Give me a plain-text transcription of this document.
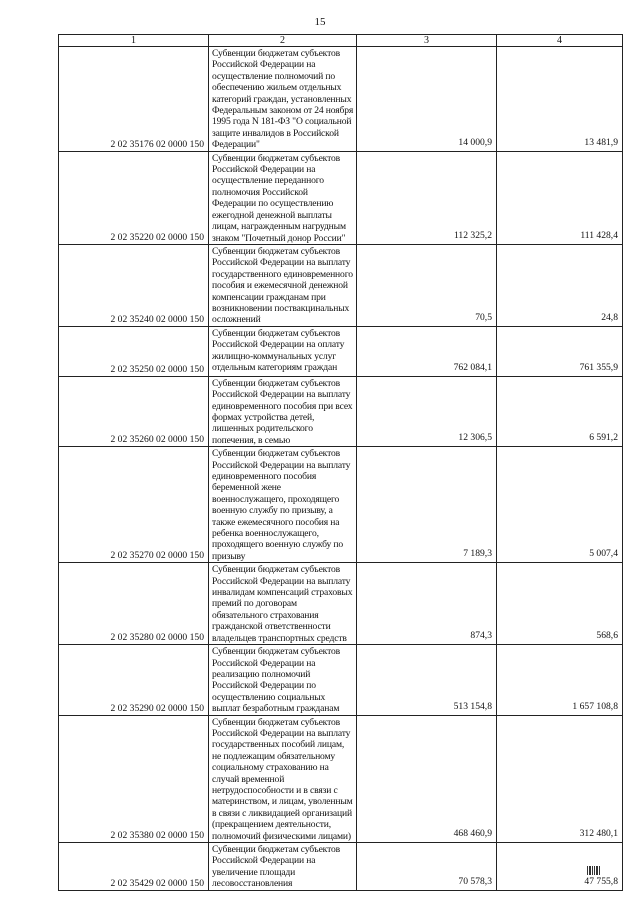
15
1	2	3	4
2 02 35176 02 0000 150	Субвенции бюджетам субъектов Российской Федерации на осуществление полномочий по обеспечению жильем отдельных категорий граждан, установленных Федеральным законом от 24 ноября 1995 года N 181-ФЗ "О социальной защите инвалидов в Российской Федерации"	14 000,9	13 481,9
2 02 35220 02 0000 150	Субвенции бюджетам субъектов Российской Федерации на осуществление переданного полномочия Российской Федерации по осуществлению ежегодной денежной выплаты лицам, награжденным нагрудным знаком "Почетный донор России"	112 325,2	111 428,4
2 02 35240 02 0000 150	Субвенции бюджетам субъектов Российской Федерации на выплату государственного единовременного пособия и ежемесячной денежной компенсации гражданам при возникновении поствакцинальных осложнений	70,5	24,8
2 02 35250 02 0000 150	Субвенции бюджетам субъектов Российской Федерации на оплату жилищно-коммунальных услуг отдельным категориям граждан	762 084,1	761 355,9
2 02 35260 02 0000 150	Субвенции бюджетам субъектов Российской Федерации на выплату единовременного пособия при всех формах устройства детей, лишенных родительского попечения, в семью	12 306,5	6 591,2
2 02 35270 02 0000 150	Субвенции бюджетам субъектов Российской Федерации на выплату единовременного пособия беременной жене военнослужащего, проходящего военную службу по призыву, а также ежемесячного пособия на ребенка военнослужащего, проходящего военную службу по призыву	7 189,3	5 007,4
2 02 35280 02 0000 150	Субвенции бюджетам субъектов Российской Федерации на выплату инвалидам компенсаций страховых премий по договорам обязательного страхования гражданской ответственности владельцев транспортных средств	874,3	568,6
2 02 35290 02 0000 150	Субвенции бюджетам субъектов Российской Федерации на реализацию полномочий Российской Федерации по осуществлению социальных выплат безработным гражданам	513 154,8	1 657 108,8
2 02 35380 02 0000 150	Субвенции бюджетам субъектов Российской Федерации на выплату государственных пособий лицам, не подлежащим обязательному социальному страхованию на случай временной нетрудоспособности и в связи с материнством, и лицам, уволенным в связи с ликвидацией организаций (прекращением деятельности, полномочий физическими лицами)	468 460,9	312 480,1
2 02 35429 02 0000 150	Субвенции бюджетам субъектов Российской Федерации на увеличение площади лесовосстановления	70 578,3	47 755,8
